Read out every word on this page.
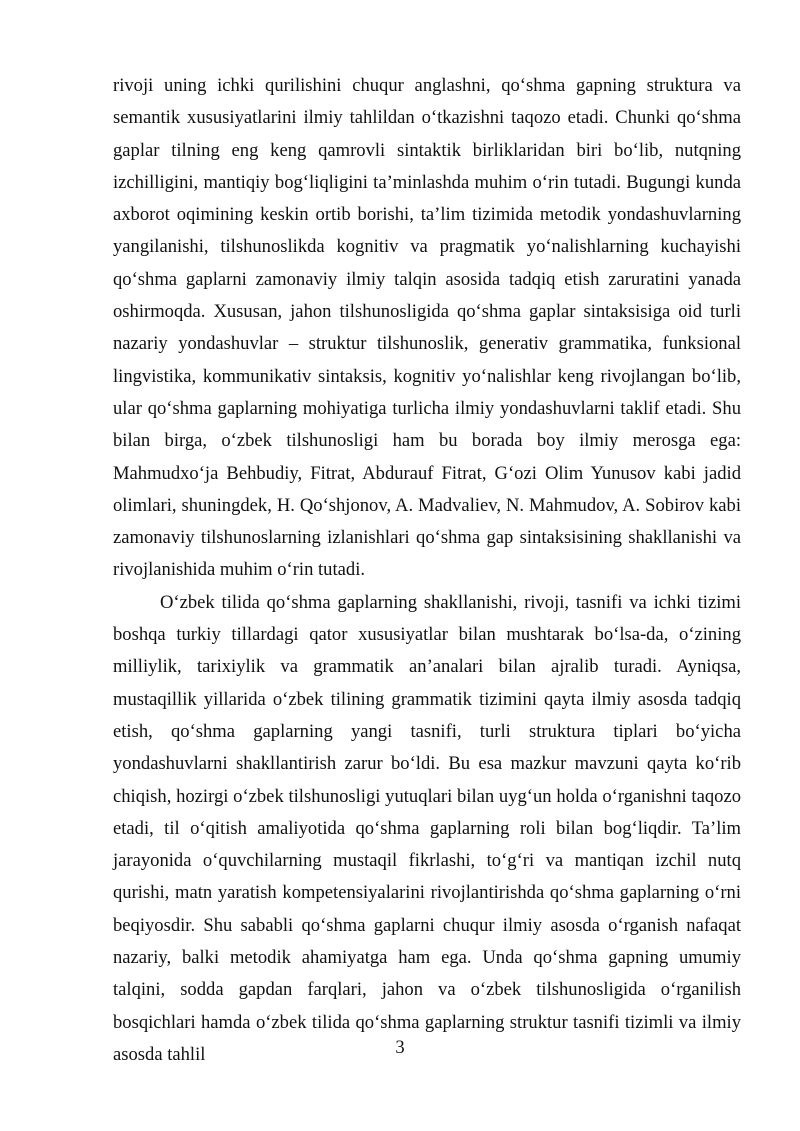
rivoji uning ichki qurilishini chuqur anglashni, qo‘shma gapning struktura va semantik xususiyatlarini ilmiy tahlildan o‘tkazishni taqozo etadi. Chunki qo‘shma gaplar tilning eng keng qamrovli sintaktik birliklaridan biri bo‘lib, nutqning izchilligini, mantiqiy bog‘liqligini ta’minlashda muhim o‘rin tutadi. Bugungi kunda axborot oqimining keskin ortib borishi, ta’lim tizimida metodik yondashuvlarning yangilanishi, tilshunoslikda kognitiv va pragmatik yo‘nalishlarning kuchayishi qo‘shma gaplarni zamonaviy ilmiy talqin asosida tadqiq etish zaruratini yanada oshirmoqda. Xususan, jahon tilshunosligida qo‘shma gaplar sintaksisiga oid turli nazariy yondashuvlar – struktur tilshunoslik, generativ grammatika, funksional lingvistika, kommunikativ sintaksis, kognitiv yo‘nalishlar keng rivojlangan bo‘lib, ular qo‘shma gaplarning mohiyatiga turlicha ilmiy yondashuvlarni taklif etadi. Shu bilan birga, o‘zbek tilshunosligi ham bu borada boy ilmiy merosga ega: Mahmudxo‘ja Behbudiy, Fitrat, Abdurauf Fitrat, G‘ozi Olim Yunusov kabi jadid olimlari, shuningdek, H. Qo‘shjonov, A. Madvaliev, N. Mahmudov, A. Sobirov kabi zamonaviy tilshunoslarning izlanishlari qo‘shma gap sintaksisining shakllanishi va rivojlanishida muhim o‘rin tutadi.

O‘zbek tilida qo‘shma gaplarning shakllanishi, rivoji, tasnifi va ichki tizimi boshqa turkiy tillardagi qator xususiyatlar bilan mushtarak bo‘lsa-da, o‘zining milliylik, tarixiylik va grammatik an’analari bilan ajralib turadi. Ayniqsa, mustaqillik yillarida o‘zbek tilining grammatik tizimini qayta ilmiy asosda tadqiq etish, qo‘shma gaplarning yangi tasnifi, turli struktura tiplari bo‘yicha yondashuvlarni shakllantirish zarur bo‘ldi. Bu esa mazkur mavzuni qayta ko‘rib chiqish, hozirgi o‘zbek tilshunosligi yutuqlari bilan uyg‘un holda o‘rganishni taqozo etadi, til o‘qitish amaliyotida qo‘shma gaplarning roli bilan bog‘liqdir. Ta’lim jarayonida o‘quvchilarning mustaqil fikrlashi, to‘g‘ri va mantiqan izchil nutq qurishi, matn yaratish kompetensiyalarini rivojlantirishda qo‘shma gaplarning o‘rni beqiyosdir. Shu sababli qo‘shma gaplarni chuqur ilmiy asosda o‘rganish nafaqat nazariy, balki metodik ahamiyatga ham ega. Unda qo‘shma gapning umumiy talqini, sodda gapdan farqlari, jahon va o‘zbek tilshunosligida o‘rganilish bosqichlari hamda o‘zbek tilida qo‘shma gaplarning struktur tasnifi tizimli va ilmiy asosda tahlil	3
